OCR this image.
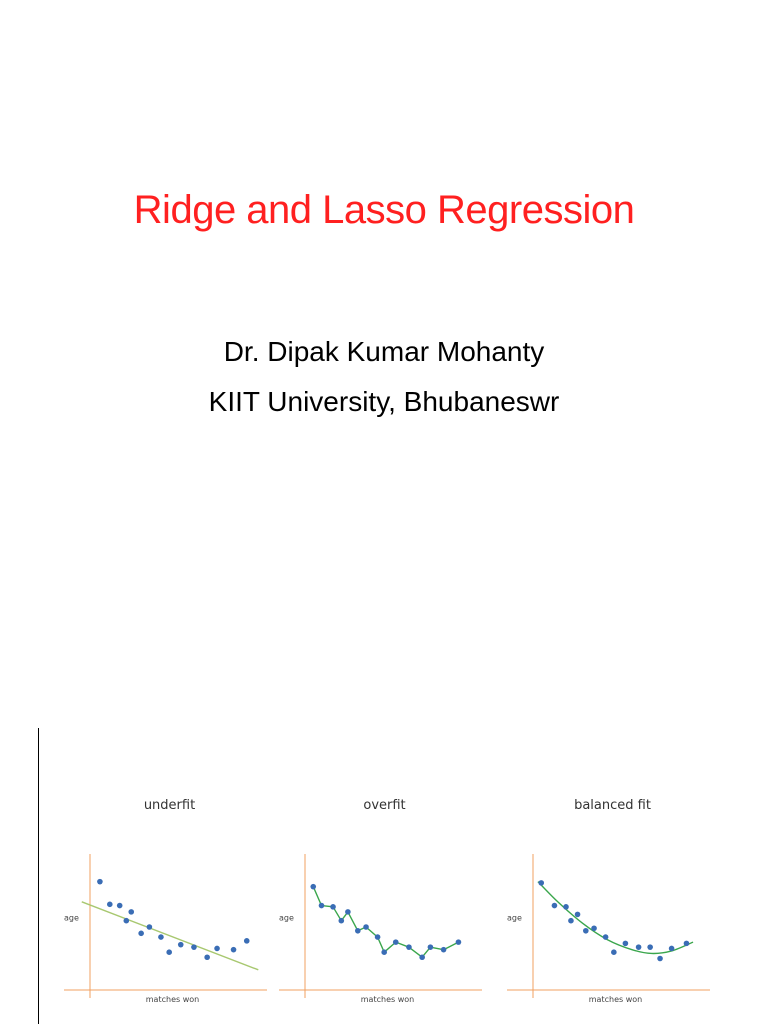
Ridge and Lasso Regression
Dr. Dipak Kumar Mohanty
KIIT University, Bhubaneswr
underfit
age
matches won
overfit
age
matches won
balanced fit
age
matches won
